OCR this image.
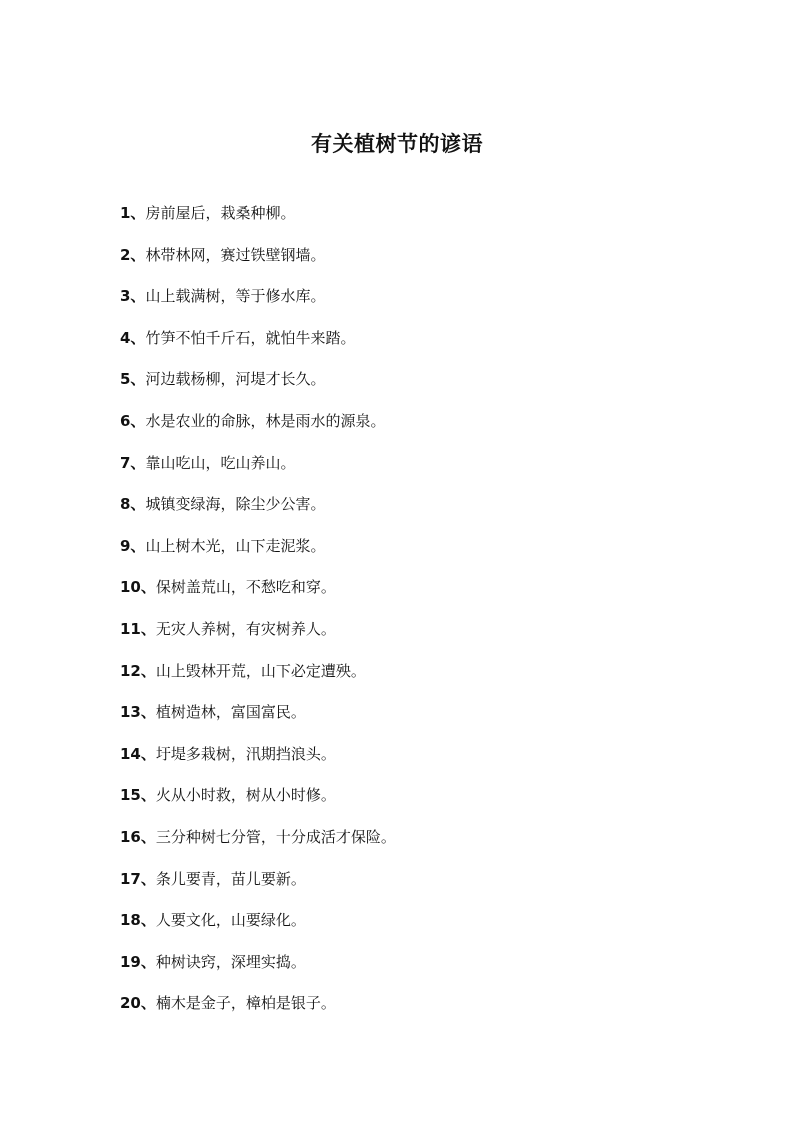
有关植树节的谚语
1、房前屋后，栽桑种柳。
2、林带林网，赛过铁壁钢墙。
3、山上载满树，等于修水库。
4、竹笋不怕千斤石，就怕牛来踏。
5、河边载杨柳，河堤才长久。
6、水是农业的命脉，林是雨水的源泉。
7、靠山吃山，吃山养山。
8、城镇变绿海，除尘少公害。
9、山上树木光，山下走泥浆。
10、保树盖荒山，不愁吃和穿。
11、无灾人养树，有灾树养人。
12、山上毁林开荒，山下必定遭殃。
13、植树造林，富国富民。
14、圩堤多栽树，汛期挡浪头。
15、火从小时救，树从小时修。
16、三分种树七分管，十分成活才保险。
17、条儿要青，苗儿要新。
18、人要文化，山要绿化。
19、种树诀窍，深埋实捣。
20、楠木是金子，樟柏是银子。
